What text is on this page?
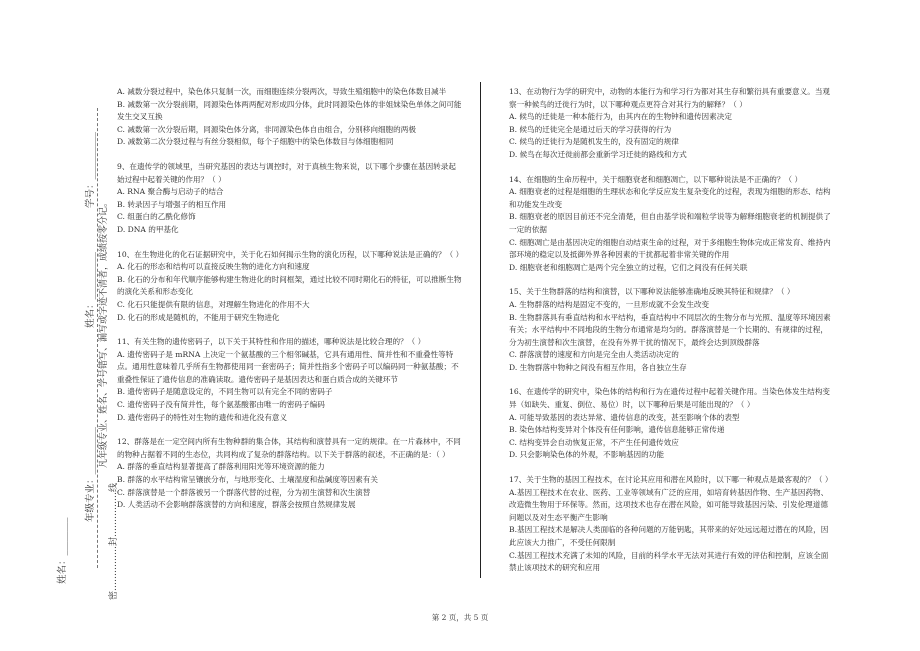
学号：__________
姓名：__________
年级专业：__________ 凡年级专业、姓名、学号错写、漏写或字迹不清者，成绩按零分记。
密……………封……………线
姓名：________

A. 减数分裂过程中，染色体只复制一次，而细胞连续分裂两次，导致生殖细胞中的染色体数目减半

B. 减数第一次分裂前期，同源染色体两两配对形成四分体，此时同源染色体的非姐妹染色单体之间可能发生交叉互换

C. 减数第一次分裂后期，同源染色体分离，非同源染色体自由组合，分别移向细胞的两极

D. 减数第二次分裂过程与有丝分裂相似，每个子细胞中的染色体数目与体细胞相同

9、在遗传学的领域里，当研究基因的表达与调控时，对于真核生物来说，以下哪个步骤在基因转录起始过程中起着关键的作用？（ ）

A. RNA 聚合酶与启动子的结合

B. 转录因子与增强子的相互作用

C. 组蛋白的乙酰化修饰

D. DNA 的甲基化

10、在生物进化的化石证据研究中，关于化石如何揭示生物的演化历程，以下哪种说法是正确的？（ ）

A. 化石的形态和结构可以直接反映生物的进化方向和速度

B. 化石的分布和年代顺序能够构建生物进化的时间框架，通过比较不同时期化石的特征，可以推断生物的演化关系和形态变化

C. 化石只能提供有限的信息，对理解生物进化的作用不大

D. 化石的形成是随机的，不能用于研究生物进化

11、有关生物的遗传密码子，以下关于其特性和作用的描述，哪种说法是比较合理的？（ ）

A. 遗传密码子是 mRNA 上决定一个氨基酸的三个相邻碱基，它具有通用性、简并性和不重叠性等特点。通用性意味着几乎所有生物都使用同一套密码子；简并性指多个密码子可以编码同一种氨基酸；不重叠性保证了遗传信息的准确读取。遗传密码子是基因表达和蛋白质合成的关键环节

B. 遗传密码子是随意设定的，不同生物可以有完全不同的密码子

C. 遗传密码子没有简并性，每个氨基酸都由唯一的密码子编码

D. 遗传密码子的特性对生物的遗传和进化没有意义

12、群落是在一定空间内所有生物种群的集合体，其结构和演替具有一定的规律。在一片森林中，不同的物种占据着不同的生态位，共同构成了复杂的群落结构。以下关于群落的叙述，不正确的是：（ ）

A. 群落的垂直结构显著提高了群落利用阳光等环境资源的能力

B. 群落的水平结构常呈镶嵌分布，与地形变化、土壤湿度和盐碱度等因素有关

C. 群落演替是一个群落被另一个群落代替的过程，分为初生演替和次生演替

D. 人类活动不会影响群落演替的方向和速度，群落会按照自然规律发展

13、在动物行为学的研究中，动物的本能行为和学习行为都对其生存和繁衍具有重要意义。当观察一种候鸟的迁徙行为时，以下哪种观点更符合对其行为的解释？（ ）

A. 候鸟的迁徙是一种本能行为，由其内在的生物钟和遗传因素决定

B. 候鸟的迁徙完全是通过后天的学习获得的行为

C. 候鸟的迁徙行为是随机发生的，没有固定的规律

D. 候鸟在每次迁徙前都会重新学习迁徙的路线和方式

14、在细胞的生命历程中，关于细胞衰老和细胞凋亡，以下哪种说法是不正确的？（ ）

A. 细胞衰老的过程是细胞的生理状态和化学反应发生复杂变化的过程，表现为细胞的形态、结构和功能发生改变

B. 细胞衰老的原因目前还不完全清楚，但自由基学说和端粒学说等为解释细胞衰老的机制提供了一定的依据

C. 细胞凋亡是由基因决定的细胞自动结束生命的过程，对于多细胞生物体完成正常发育、维持内部环境的稳定以及抵御外界各种因素的干扰都起着非常关键的作用

D. 细胞衰老和细胞凋亡是两个完全独立的过程，它们之间没有任何关联

15、关于生物群落的结构和演替，以下哪种说法能够准确地反映其特征和规律？（ ）

A. 生物群落的结构是固定不变的，一旦形成就不会发生改变

B. 生物群落具有垂直结构和水平结构，垂直结构中不同层次的生物分布与光照、温度等环境因素有关；水平结构中不同地段的生物分布通常是均匀的。群落演替是一个长期的、有规律的过程，分为初生演替和次生演替，在没有外界干扰的情况下，最终会达到顶级群落

C. 群落演替的速度和方向是完全由人类活动决定的

D. 生物群落中物种之间没有相互作用，各自独立生存

16、在遗传学的研究中，染色体的结构和行为在遗传过程中起着关键作用。当染色体发生结构变异（如缺失、重复、倒位、易位）时，以下哪种后果是可能出现的？（ ）

A. 可能导致基因的表达异常、遗传信息的改变，甚至影响个体的表型

B. 染色体结构变异对个体没有任何影响，遗传信息能够正常传递

C. 结构变异会自动恢复正常，不产生任何遗传效应

D. 只会影响染色体的外观，不影响基因的功能

17、关于生物的基因工程技术，在讨论其应用和潜在风险时，以下哪一种观点是最客观的？（ ）

A.基因工程技术在农业、医药、工业等领域有广泛的应用，如培育转基因作物、生产基因药物、改造微生物用于环保等。然而，这项技术也存在潜在风险，如可能导致基因污染、引发伦理道德问题以及对生态平衡产生影响

B.基因工程技术是解决人类面临的各种问题的万能钥匙，其带来的好处远远超过潜在的风险，因此应该大力推广，不受任何限制

C.基因工程技术充满了未知的风险，目前的科学水平无法对其进行有效的评估和控制，应该全面禁止该项技术的研究和应用

第 2 页，共 5 页
